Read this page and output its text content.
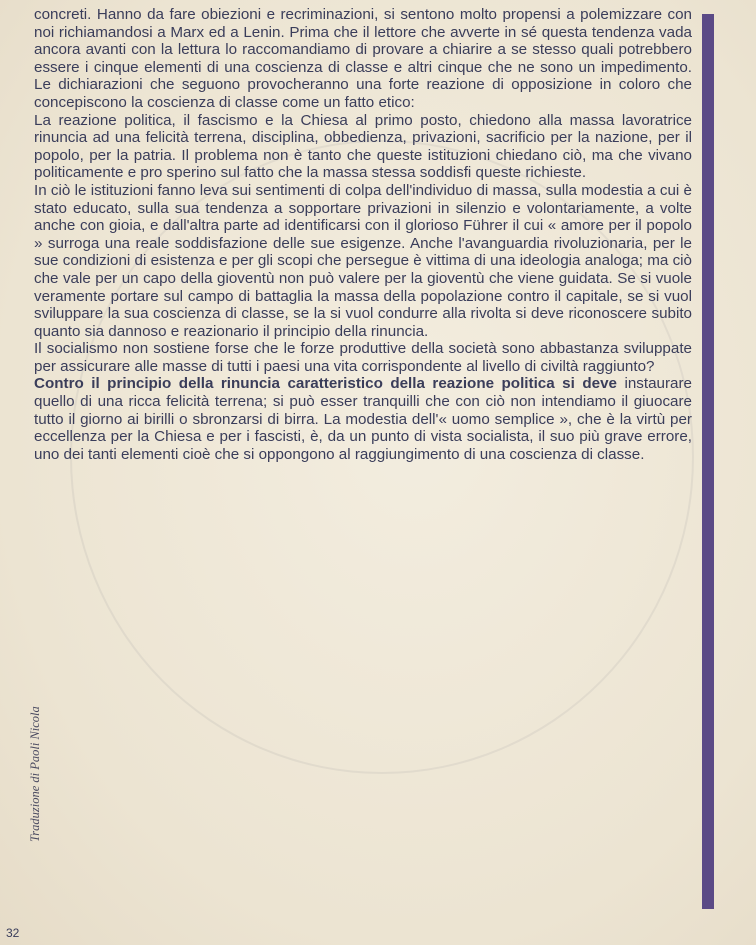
concreti. Hanno da fare obiezioni e recriminazioni, si sentono molto propensi a polemizzare con noi richiamandosi a Marx ed a Lenin. Prima che il lettore che avverte in sé questa tendenza vada ancora avanti con la lettura lo raccomandiamo di provare a chiarire a se stesso quali potrebbero essere i cinque elementi di una coscienza di classe e altri cinque che ne sono un impedimento. Le dichiarazioni che seguono provocheranno una forte reazione di opposizione in coloro che concepiscono la coscienza di classe come un fatto etico:

La reazione politica, il fascismo e la Chiesa al primo posto, chiedono alla massa lavoratrice rinuncia ad una felicità terrena, disciplina, obbedienza, privazioni, sacrificio per la nazione, per il popolo, per la patria. Il problema non è tanto che queste istituzioni chiedano ciò, ma che vivano politicamente e pro sperino sul fatto che la massa stessa soddisfi queste richieste.

In ciò le istituzioni fanno leva sui sentimenti di colpa dell'individuo di massa, sulla modestia a cui è stato educato, sulla sua tendenza a sopportare privazioni in silenzio e volontariamente, a volte anche con gioia, e dall'altra parte ad identificarsi con il glorioso Führer il cui « amore per il popolo » surroga una reale soddisfazione delle sue esigenze. Anche l'avanguardia rivoluzionaria, per le sue condizioni di esistenza e per gli scopi che persegue è vittima di una ideologia analoga; ma ciò che vale per un capo della gioventù non può valere per la gioventù che viene guidata. Se si vuole veramente portare sul campo di battaglia la massa della popolazione contro il capitale, se si vuol sviluppare la sua coscienza di classe, se la si vuol condurre alla rivolta si deve riconoscere subito quanto sia dannoso e reazionario il principio della rinuncia.

Il socialismo non sostiene forse che le forze produttive della società sono abbastanza sviluppate per assicurare alle masse di tutti i paesi una vita corrispondente al livello di civiltà raggiunto?

Contro il principio della rinuncia caratteristico della reazione politica si deve instaurare quello di una ricca felicità terrena; si può esser tranquilli che con ciò non intendiamo il giuocare tutto il giorno ai birilli o sbronzarsi di birra. La modestia dell'« uomo semplice », che è la virtù per eccellenza per la Chiesa e per i fascisti, è, da un punto di vista socialista, il suo più grave errore, uno dei tanti elementi cioè che si oppongono al raggiungimento di una coscienza di classe.

Traduzione di Paoli Nicola
32
